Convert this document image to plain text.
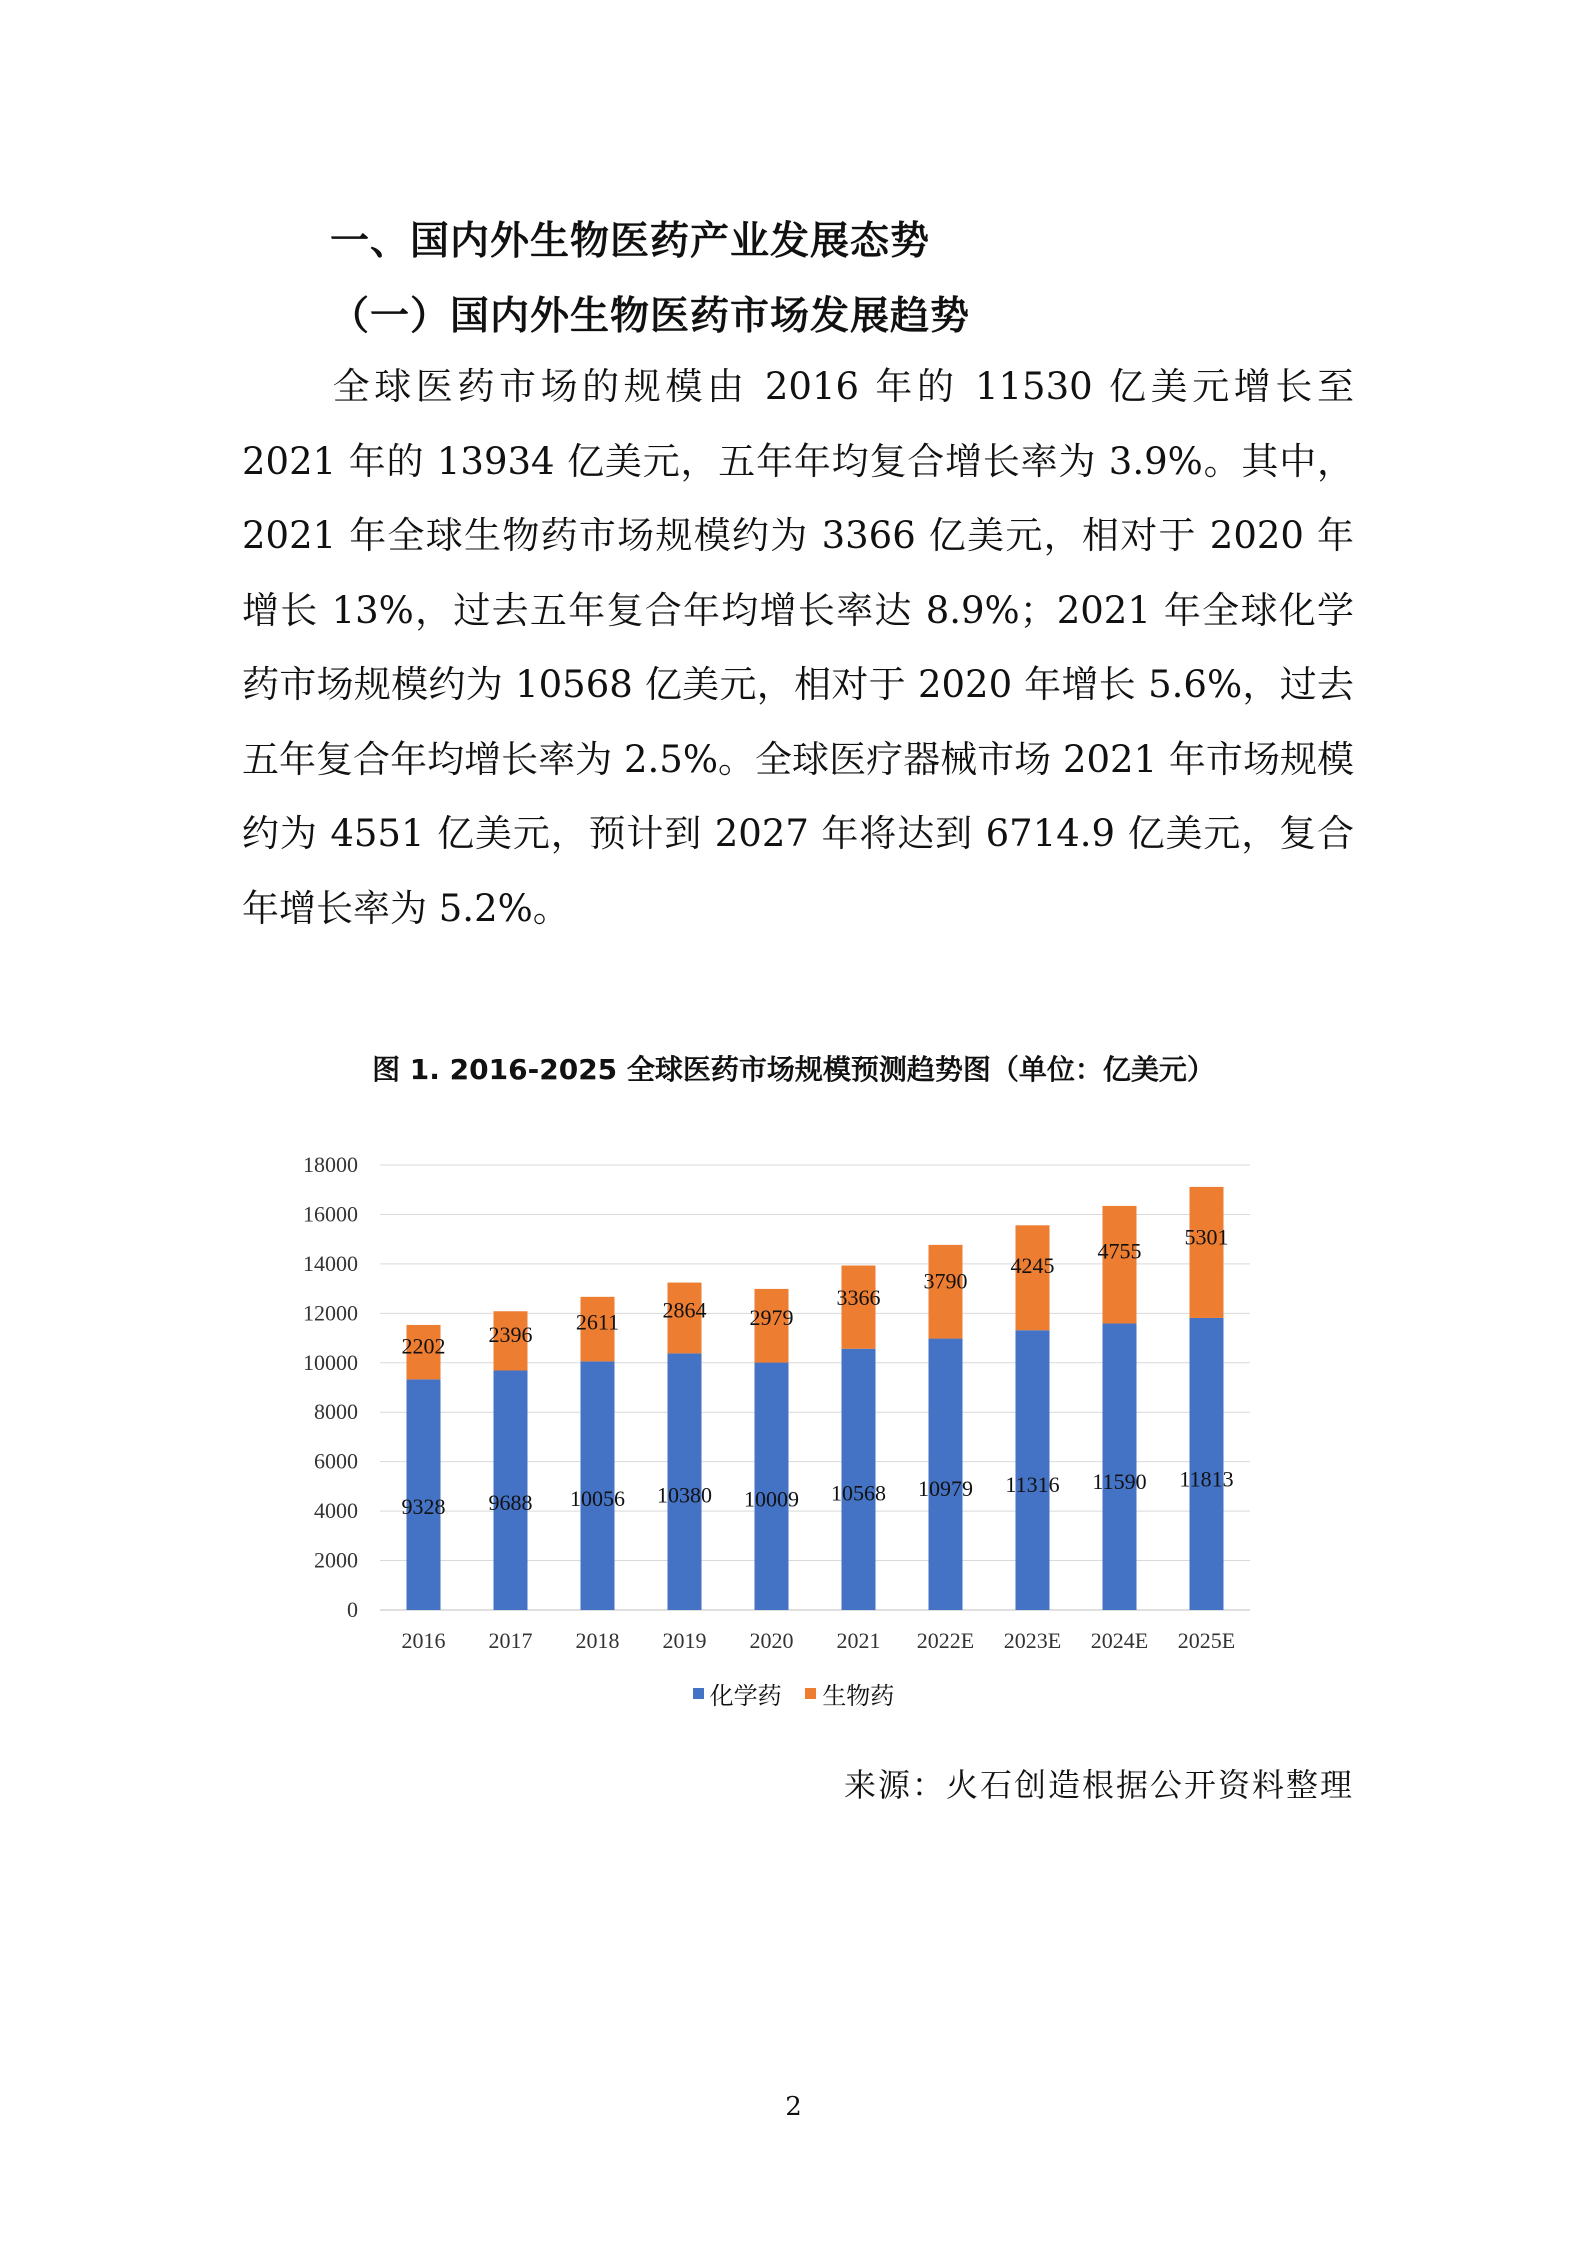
一、国内外生物医药产业发展态势
（一）国内外生物医药市场发展趋势

全球医药市场的规模由 2016 年的 11530 亿美元增长至 2021 年的 13934 亿美元，五年年均复合增长率为 3.9%。其中，2021 年全球生物药市场规模约为 3366 亿美元，相对于 2020 年增长 13%，过去五年复合年均增长率达 8.9%；2021 年全球化学药市场规模约为 10568 亿美元，相对于 2020 年增长 5.6%，过去五年复合年均增长率为 2.5%。全球医疗器械市场 2021 年市场规模约为 4551 亿美元，预计到 2027 年将达到 6714.9 亿美元，复合年增长率为 5.2%。

图 1. 2016-2025 全球医药市场规模预测趋势图（单位：亿美元）

0
2000
4000
6000
8000
10000
12000
14000
16000
18000
9328
2202
2016
9688
2396
2017
10056
2611
2018
10380
2864
2019
10009
2979
2020
10568
3366
2021
10979
3790
2022E
11316
4245
2023E
11590
4755
2024E
11813
5301
2025E
化学药
生物药

来源：火石创造根据公开资料整理

2
